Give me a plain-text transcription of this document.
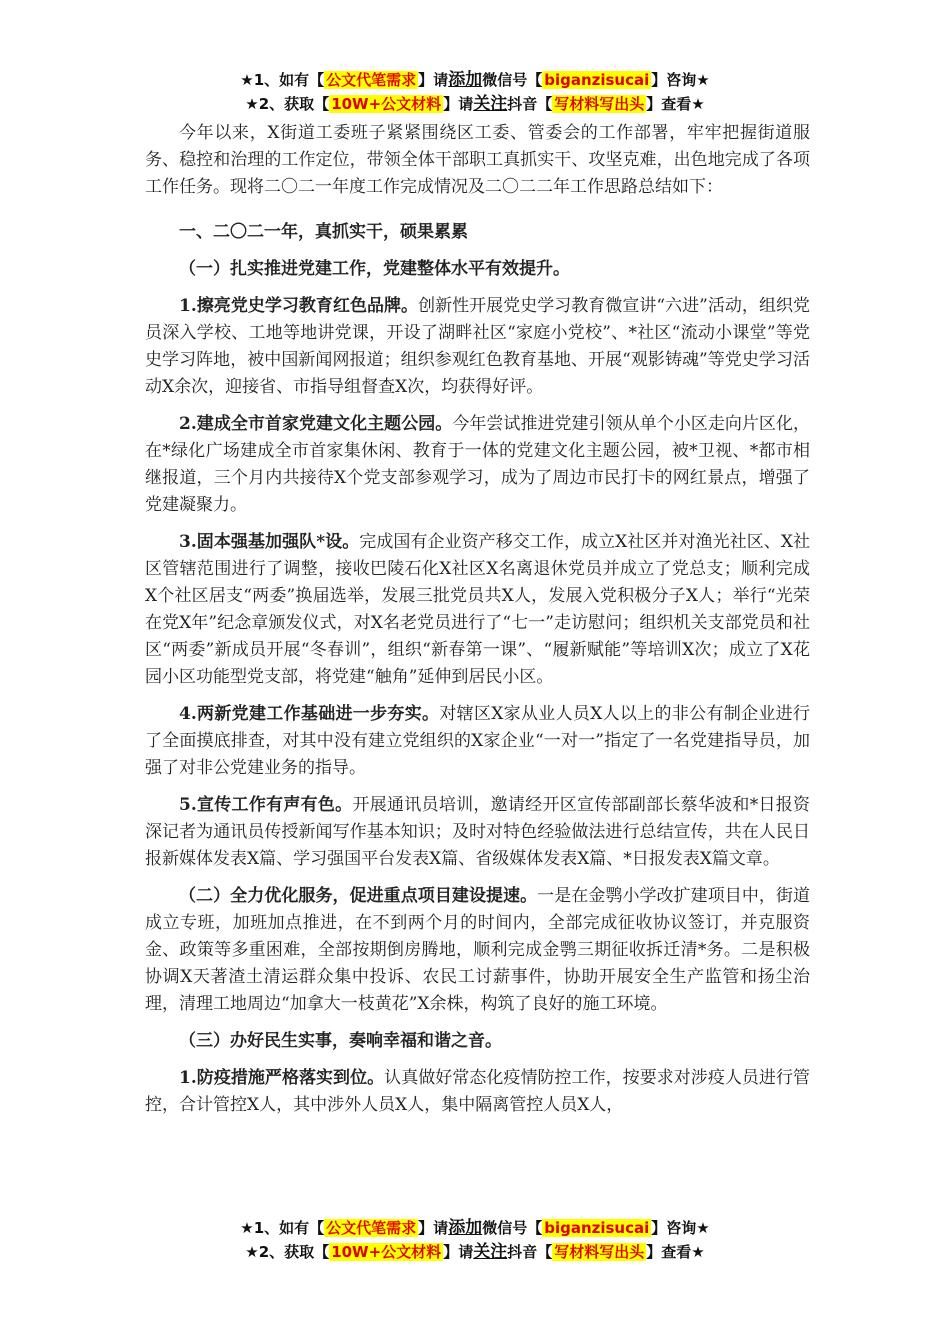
★1、如有【 公文代笔需求 】请添加微信号【 biganzisucai 】咨询★
★2、获取【 10W+公文材料 】请关注抖音【 写材料写出头 】查看★

今年以来，X街道工委班子紧紧围绕区工委、管委会的工作部署，牢牢把握街道服务、稳控和治理的工作定位，带领全体干部职工真抓实干、攻坚克难，出色地完成了各项工作任务。现将二〇二一年度工作完成情况及二〇二二年工作思路总结如下：

一、二〇二一年，真抓实干，硕果累累

（一）扎实推进党建工作，党建整体水平有效提升。

1.擦亮党史学习教育红色品牌。创新性开展党史学习教育微宣讲“六进”活动，组织党员深入学校、工地等地讲党课，开设了湖畔社区“家庭小党校”、*社区“流动小课堂”等党史学习阵地，被中国新闻网报道；组织参观红色教育基地、开展“观影铸魂”等党史学习活动X余次，迎接省、市指导组督查X次，均获得好评。

2.建成全市首家党建文化主题公园。今年尝试推进党建引领从单个小区走向片区化，在*绿化广场建成全市首家集休闲、教育于一体的党建文化主题公园，被*卫视、*都市相继报道，三个月内共接待X个党支部参观学习，成为了周边市民打卡的网红景点，增强了党建凝聚力。

3.固本强基加强队*设。完成国有企业资产移交工作，成立X社区并对渔光社区、X社区管辖范围进行了调整，接收巴陵石化X社区X名离退休党员并成立了党总支；顺利完成X个社区居支“两委”换届选举，发展三批党员共X人，发展入党积极分子X人；举行“光荣在党X年”纪念章颁发仪式，对X名老党员进行了“七一”走访慰问；组织机关支部党员和社区“两委”新成员开展“冬春训”，组织“新春第一课”、“履新赋能”等培训X次；成立了X花园小区功能型党支部，将党建“触角”延伸到居民小区。

4.两新党建工作基础进一步夯实。对辖区X家从业人员X人以上的非公有制企业进行了全面摸底排查，对其中没有建立党组织的X家企业“一对一”指定了一名党建指导员，加强了对非公党建业务的指导。

5.宣传工作有声有色。开展通讯员培训，邀请经开区宣传部副部长蔡华波和*日报资深记者为通讯员传授新闻写作基本知识；及时对特色经验做法进行总结宣传，共在人民日报新媒体发表X篇、学习强国平台发表X篇、省级媒体发表X篇、*日报发表X篇文章。

（二）全力优化服务，促进重点项目建设提速。一是在金鹗小学改扩建项目中，街道成立专班，加班加点推进，在不到两个月的时间内，全部完成征收协议签订，并克服资金、政策等多重困难，全部按期倒房腾地，顺利完成金鹗三期征收拆迁清*务。二是积极协调X天著渣土清运群众集中投诉、农民工讨薪事件，协助开展安全生产监管和扬尘治理，清理工地周边“加拿大一枝黄花”X余株，构筑了良好的施工环境。

（三）办好民生实事，奏响幸福和谐之音。

1.防疫措施严格落实到位。认真做好常态化疫情防控工作，按要求对涉疫人员进行管控，合计管控X人，其中涉外人员X人，集中隔离管控人员X人，

★1、如有【 公文代笔需求 】请添加微信号【 biganzisucai 】咨询★
★2、获取【 10W+公文材料 】请关注抖音【 写材料写出头 】查看★
